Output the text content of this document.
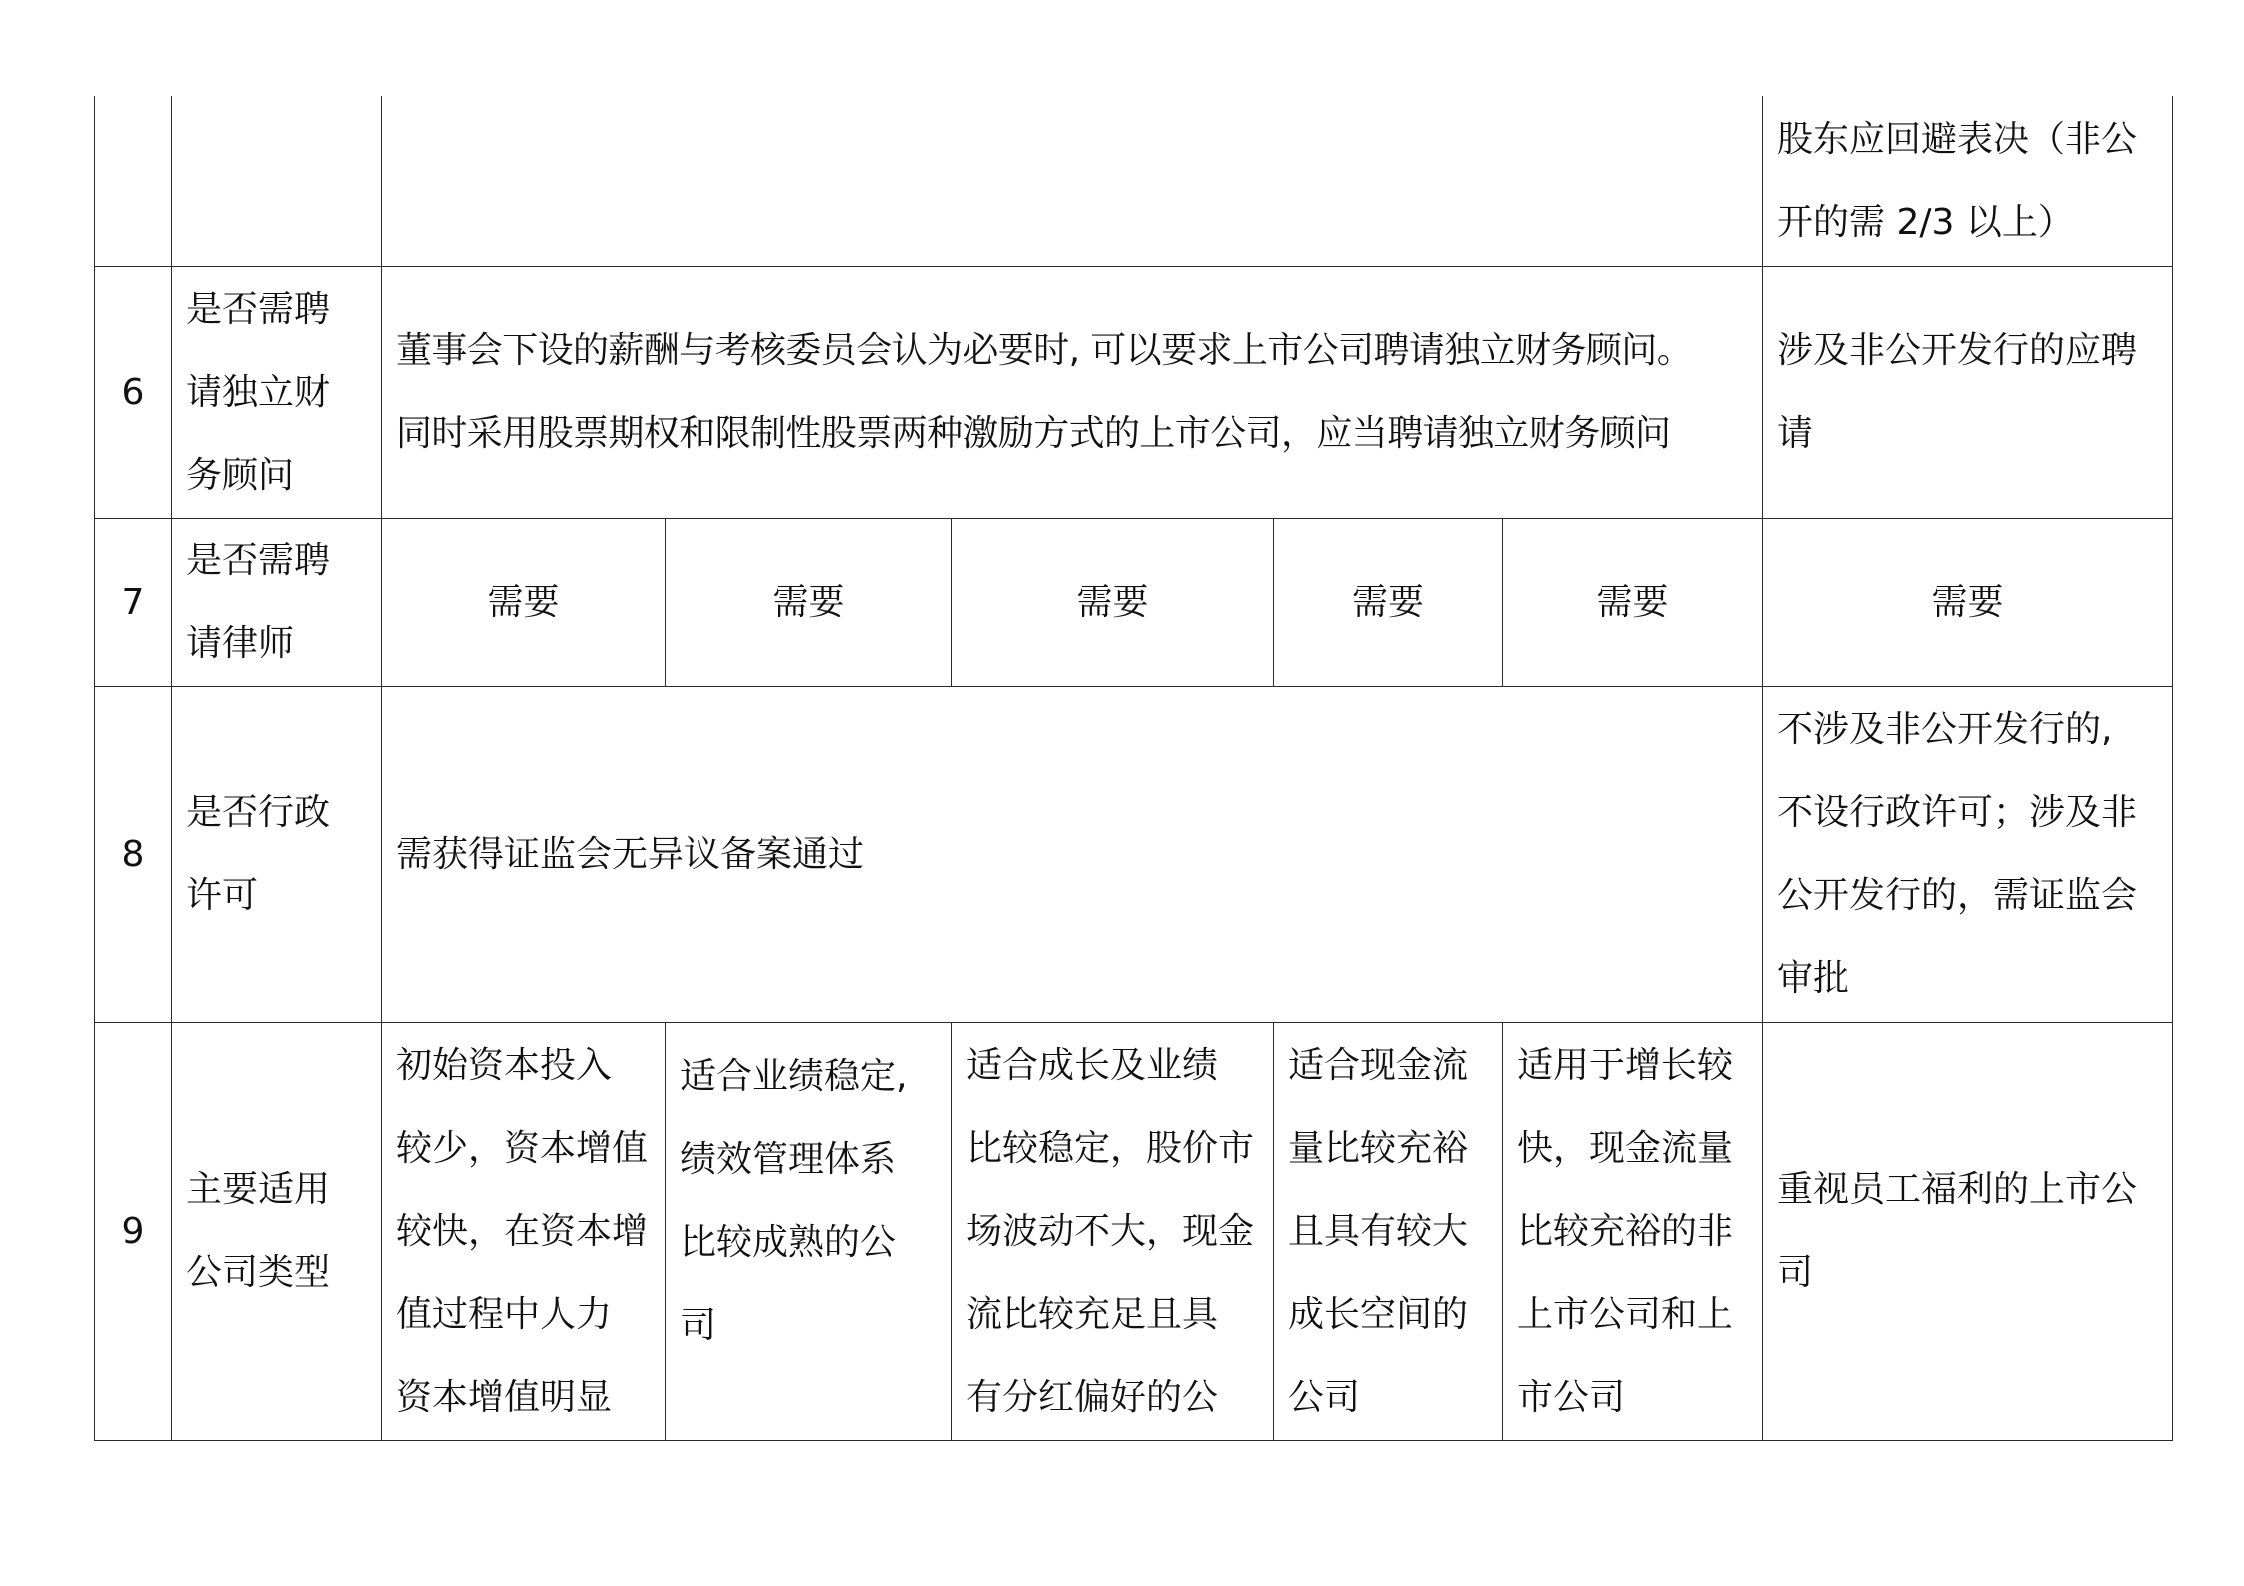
							股东应回避表决（非公
开的需 2/3 以上）

6	是否需聘
请独立财
务顾问	董事会下设的薪酬与考核委员会认为必要时, 可以要求上市公司聘请独立财务顾问。
同时采用股票期权和限制性股票两种激励方式的上市公司，应当聘请独立财务顾问					涉及非公开发行的应聘
请

7	是否需聘
请律师	需要	需要	需要	需要	需要	需要
8	是否行政
许可	需获得证监会无异议备案通过					不涉及非公开发行的,
不设行政许可；涉及非
公开发行的，需证监会
审批

9	主要适用
公司类型	初始资本投入
较少，资本增值
较快，在资本增
值过程中人力
资本增值明显	适合业绩稳定,
绩效管理体系
比较成熟的公
司	适合成长及业绩
比较稳定，股价市
场波动不大，现金
流比较充足且具
有分红偏好的公	适合现金流
量比较充裕
且具有较大
成长空间的
公司	适用于增长较
快，现金流量
比较充裕的非
上市公司和上
市公司	重视员工福利的上市公
司
